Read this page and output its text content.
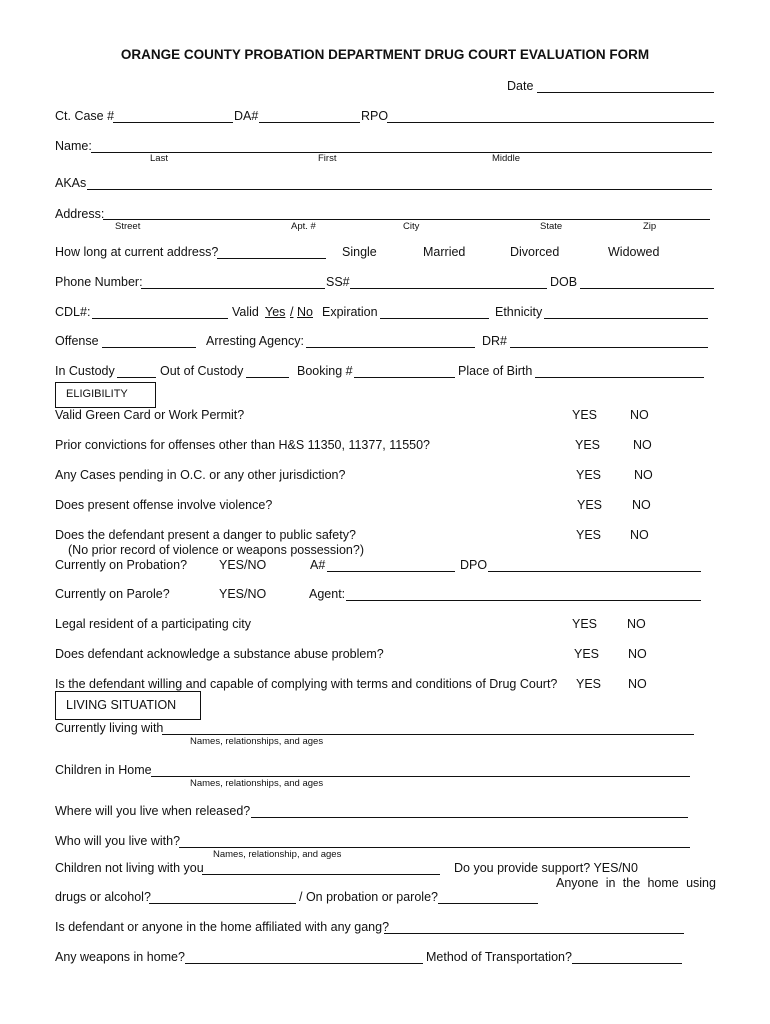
ORANGE COUNTY PROBATION DEPARTMENT DRUG COURT EVALUATION FORM
Date
Ct. Case #	DA#	RPO
Name:
Last	First	Middle
AKAs
Address:
Street	Apt. #	City	State	Zip
How long at current address?	Single	Married	Divorced	Widowed
Phone Number:	SS#	DOB
CDL#:	Valid Yes / No Expiration	Ethnicity
Offense	Arresting Agency:	DR#
In Custody	Out of Custody	Booking #	Place of Birth
ELIGIBILITY
Valid Green Card or Work Permit?	YES	NO
Prior convictions for offenses other than H&S 11350, 11377, 11550?	YES	NO
Any Cases pending in O.C. or any other jurisdiction?	YES	NO
Does present offense involve violence?	YES NO
Does the defendant present a danger to public safety?	YES NO
(No prior record of violence or weapons possession?)
Currently on Probation?	YES/NO	A#	DPO
Currently on Parole?	YES/NO	Agent:
Legal resident of a participating city	YES NO
Does defendant acknowledge a substance abuse problem?	YES NO
Is the defendant willing and capable of complying with terms and conditions of Drug Court? YES NO
LIVING SITUATION
Currently living with
Names, relationships, and ages
Children in Home
Names, relationships, and ages
Where will you live when released?
Who will you live with?
Names, relationship, and ages
Children not living with you	Do you provide support? YES/N0
Anyone in the home using
drugs or alcohol?	/ On probation or parole?
Is defendant or anyone in the home affiliated with any gang?
Any weapons in home?	Method of Transportation?
